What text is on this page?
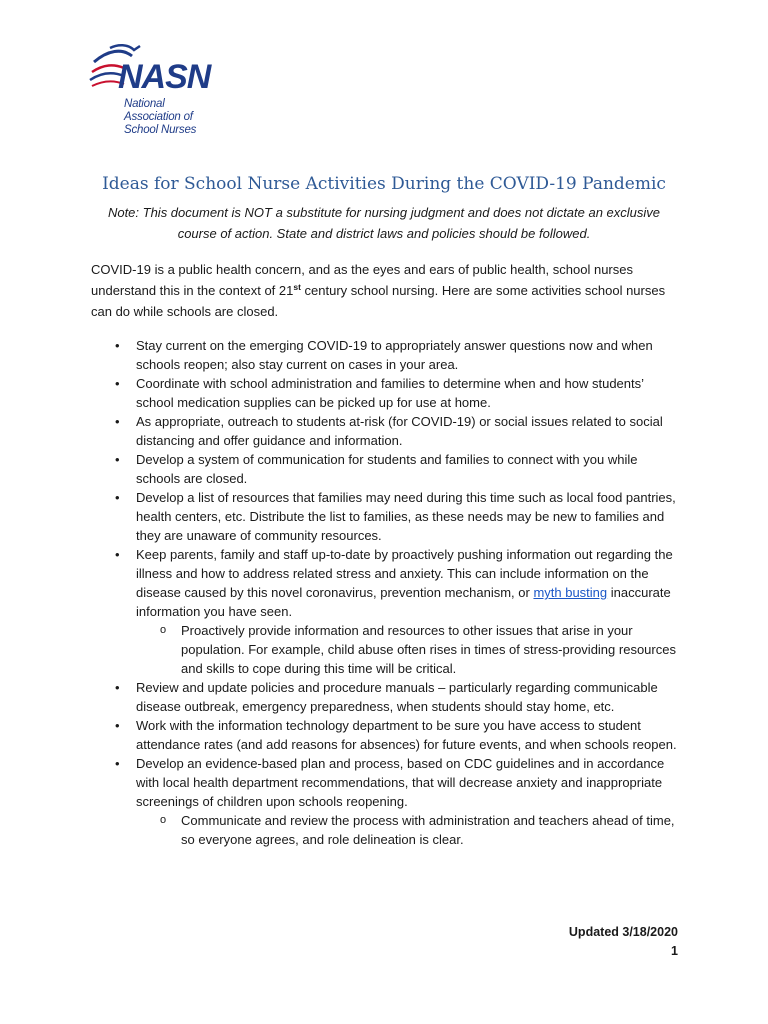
NASN
National
Association of
School Nurses
Ideas for School Nurse Activities During the COVID-19 Pandemic
Note: This document is NOT a substitute for nursing judgment and does not dictate an exclusive course of action. State and district laws and policies should be followed.
COVID-19 is a public health concern, and as the eyes and ears of public health, school nurses understand this in the context of 21st century school nursing. Here are some activities school nurses can do while schools are closed.
• Stay current on the emerging COVID-19 to appropriately answer questions now and when schools reopen; also stay current on cases in your area.
• Coordinate with school administration and families to determine when and how students’ school medication supplies can be picked up for use at home.
• As appropriate, outreach to students at-risk (for COVID-19) or social issues related to social distancing and offer guidance and information.
• Develop a system of communication for students and families to connect with you while schools are closed.
• Develop a list of resources that families may need during this time such as local food pantries, health centers, etc. Distribute the list to families, as these needs may be new to families and they are unaware of community resources.
• Keep parents, family and staff up-to-date by proactively pushing information out regarding the illness and how to address related stress and anxiety. This can include information on the disease caused by this novel coronavirus, prevention mechanism, or myth busting inaccurate information you have seen.
o Proactively provide information and resources to other issues that arise in your population. For example, child abuse often rises in times of stress-providing resources and skills to cope during this time will be critical.
• Review and update policies and procedure manuals – particularly regarding communicable disease outbreak, emergency preparedness, when students should stay home, etc.
• Work with the information technology department to be sure you have access to student attendance rates (and add reasons for absences) for future events, and when schools reopen.
• Develop an evidence-based plan and process, based on CDC guidelines and in accordance with local health department recommendations, that will decrease anxiety and inappropriate screenings of children upon schools reopening.
o Communicate and review the process with administration and teachers ahead of time, so everyone agrees, and role delineation is clear.
Updated 3/18/2020
1
